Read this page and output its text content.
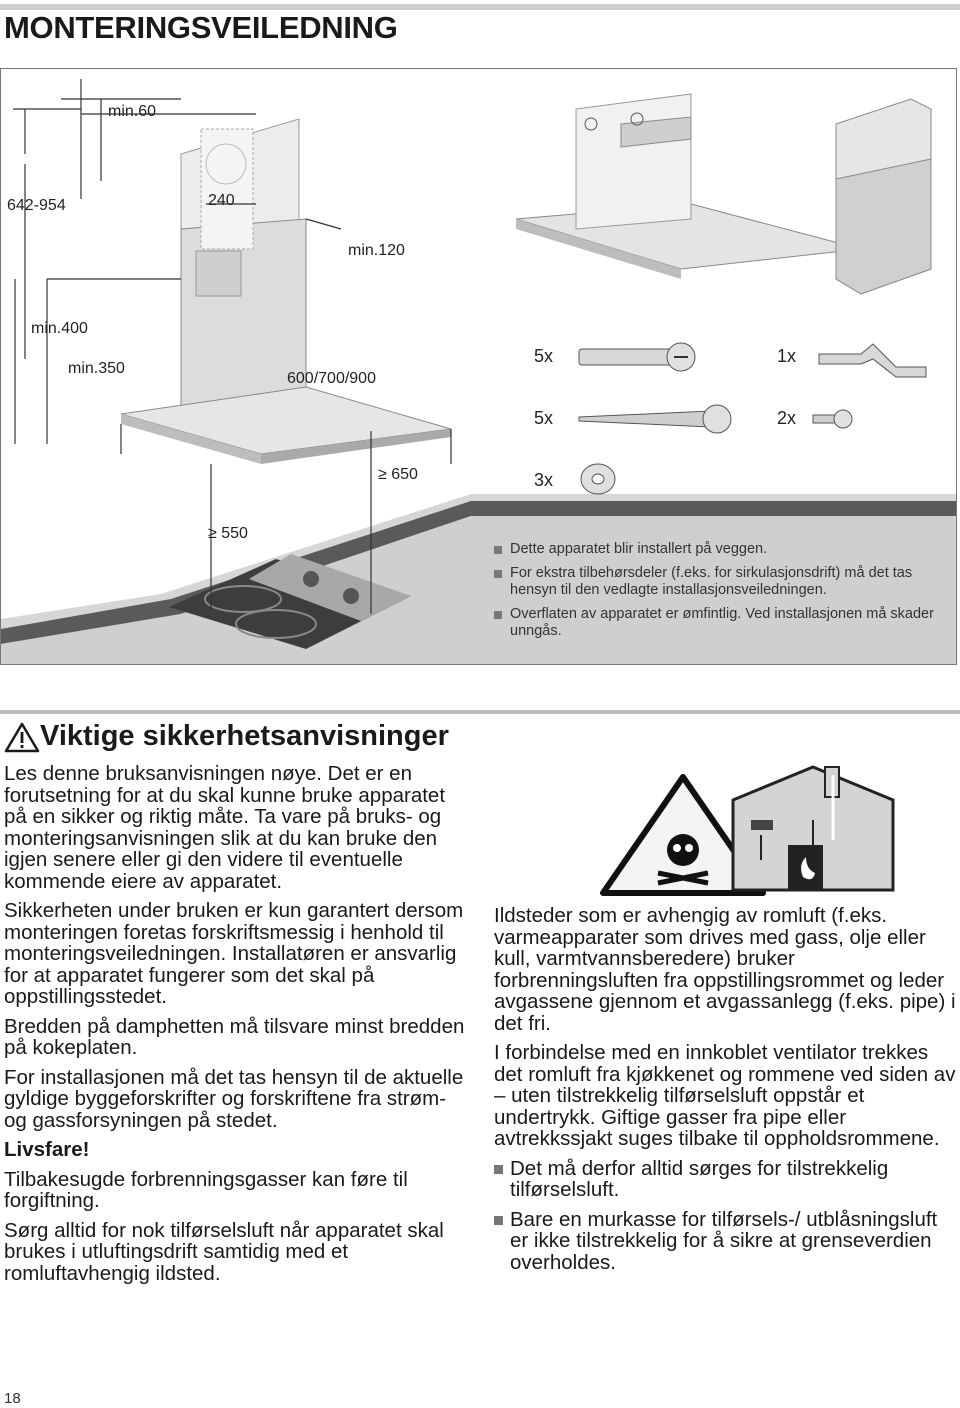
MONTERINGSVEILEDNING
min.60
642-954	240
min.120
min.400
min.350
600/700/900
≥ 650
≥ 550
5x	1x
5x	2x
3x
Dette apparatet blir installert på veggen.
For ekstra tilbehørsdeler (f.eks. for sirkulasjonsdrift) må det tas hensyn til den vedlagte installasjonsveiledningen.
Overflaten av apparatet er ømfintlig. Ved installasjonen må skader unngås.
Viktige sikkerhetsanvisninger

Les denne bruksanvisningen nøye. Det er en forutsetning for at du skal kunne bruke apparatet på en sikker og riktig måte. Ta vare på bruks- og monteringsanvisningen slik at du kan bruke den igjen senere eller gi den videre til eventuelle kommende eiere av apparatet.

Sikkerheten under bruken er kun garantert dersom monteringen foretas forskriftsmessig i henhold til monteringsveiledningen. Installatøren er ansvarlig for at apparatet fungerer som det skal på oppstillingsstedet.

Bredden på damphetten må tilsvare minst bredden på kokeplaten.

For installasjonen må det tas hensyn til de aktuelle gyldige byggeforskrifter og forskriftene fra strøm- og gassforsyningen på stedet.

Livsfare!

Tilbakesugde forbrenningsgasser kan føre til forgiftning.

Sørg alltid for nok tilførselsluft når apparatet skal brukes i utluftingsdrift samtidig med et romluftavhengig ildsted.

Ildsteder som er avhengig av romluft (f.eks. varmeapparater som drives med gass, olje eller kull, varmtvannsberedere) bruker forbrenningsluften fra oppstillingsrommet og leder avgassene gjennom et avgassanlegg (f.eks. pipe) i det fri.

I forbindelse med en innkoblet ventilator trekkes det romluft fra kjøkkenet og rommene ved siden av – uten tilstrekkelig tilførselsluft oppstår et undertrykk. Giftige gasser fra pipe eller avtrekkssjakt suges tilbake til oppholdsrommene.

Det må derfor alltid sørges for tilstrekkelig tilførselsluft.
Bare en murkasse for tilførsels-/ utblåsningsluft er ikke tilstrekkelig for å sikre at grenseverdien overholdes.
18
